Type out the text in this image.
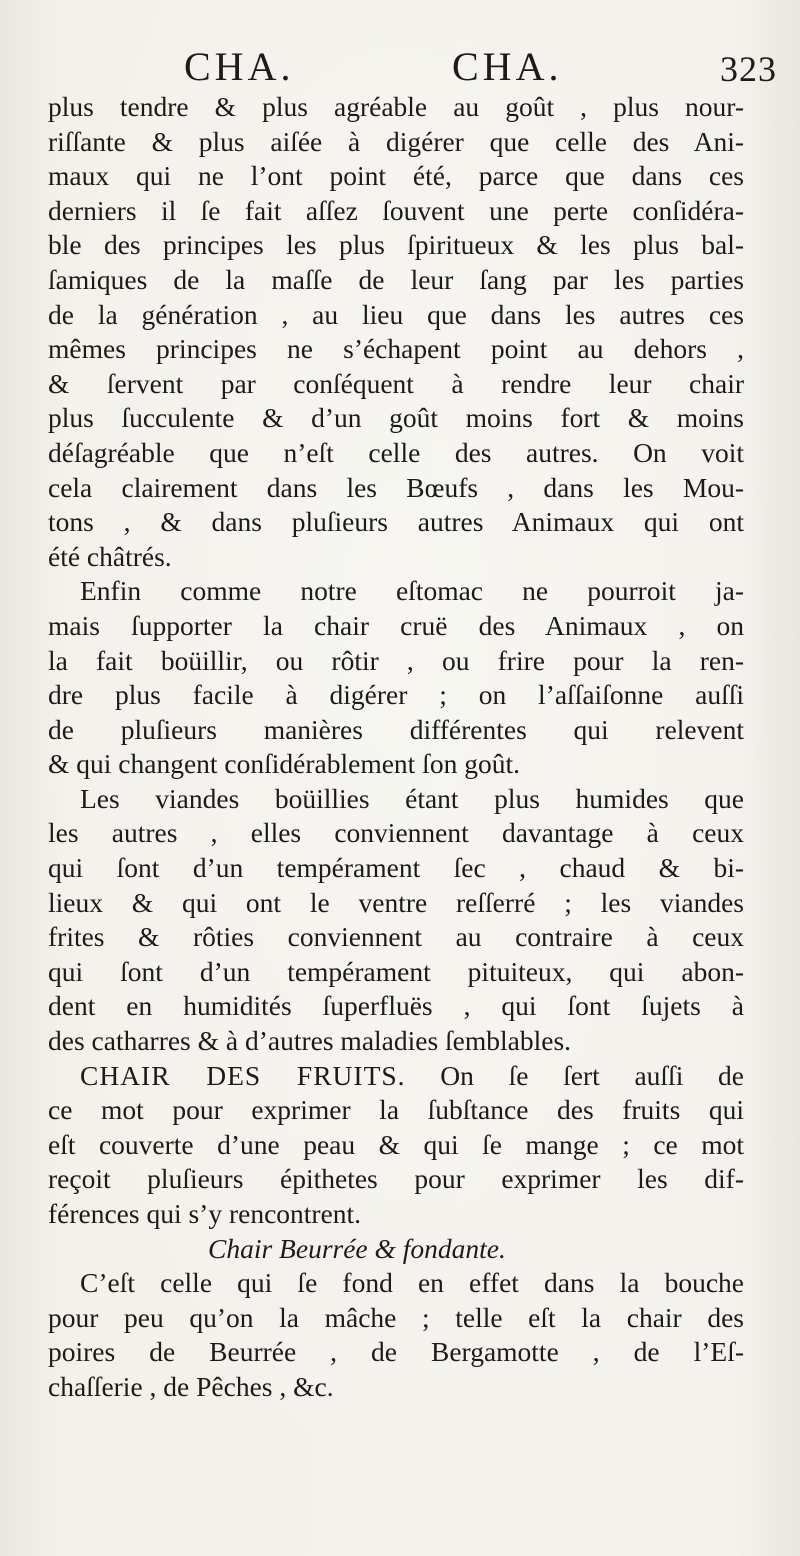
CHA.	CHA.	323
plus tendre & plus agréable au goût , plus nour-
riſſante & plus aiſée à digérer que celle des Ani-
maux qui ne l’ont point été, parce que dans ces
derniers il ſe fait aſſez ſouvent une perte conſidéra-
ble des principes les plus ſpiritueux & les plus bal-
ſamiques de la maſſe de leur ſang par les parties
de la génération , au lieu que dans les autres ces
mêmes principes ne s’échapent point au dehors ,
& ſervent par conſéquent à rendre leur chair
plus ſucculente & d’un goût moins fort & moins
déſagréable que n’eſt celle des autres. On voit
cela clairement dans les Bœufs , dans les Mou-
tons , & dans pluſieurs autres Animaux qui ont
été châtrés.
Enfin comme notre eſtomac ne pourroit ja-
mais ſupporter la chair cruë des Animaux , on
la fait boüillir, ou rôtir , ou frire pour la ren-
dre plus facile à digérer ; on l’aſſaiſonne auſſi
de pluſieurs manières différentes qui relevent
& qui changent conſidérablement ſon goût.
Les viandes boüillies étant plus humides que
les autres , elles conviennent davantage à ceux
qui ſont d’un tempérament ſec , chaud & bi-
lieux & qui ont le ventre reſſerré ; les viandes
frites & rôties conviennent au contraire à ceux
qui ſont d’un tempérament pituiteux, qui abon-
dent en humidités ſuperfluës , qui ſont ſujets à
des catharres & à d’autres maladies ſemblables.
CHAIR DES FRUITS. On ſe ſert auſſi de
ce mot pour exprimer la ſubſtance des fruits qui
eſt couverte d’une peau & qui ſe mange ; ce mot
reçoit pluſieurs épithetes pour exprimer les dif-
férences qui s’y rencontrent.
Chair Beurrée & fondante.
C’eſt celle qui ſe fond en effet dans la bouche
pour peu qu’on la mâche ; telle eſt la chair des
poires de Beurrée , de Bergamotte , de l’Eſ-
chaſſerie , de Pêches , &c.
